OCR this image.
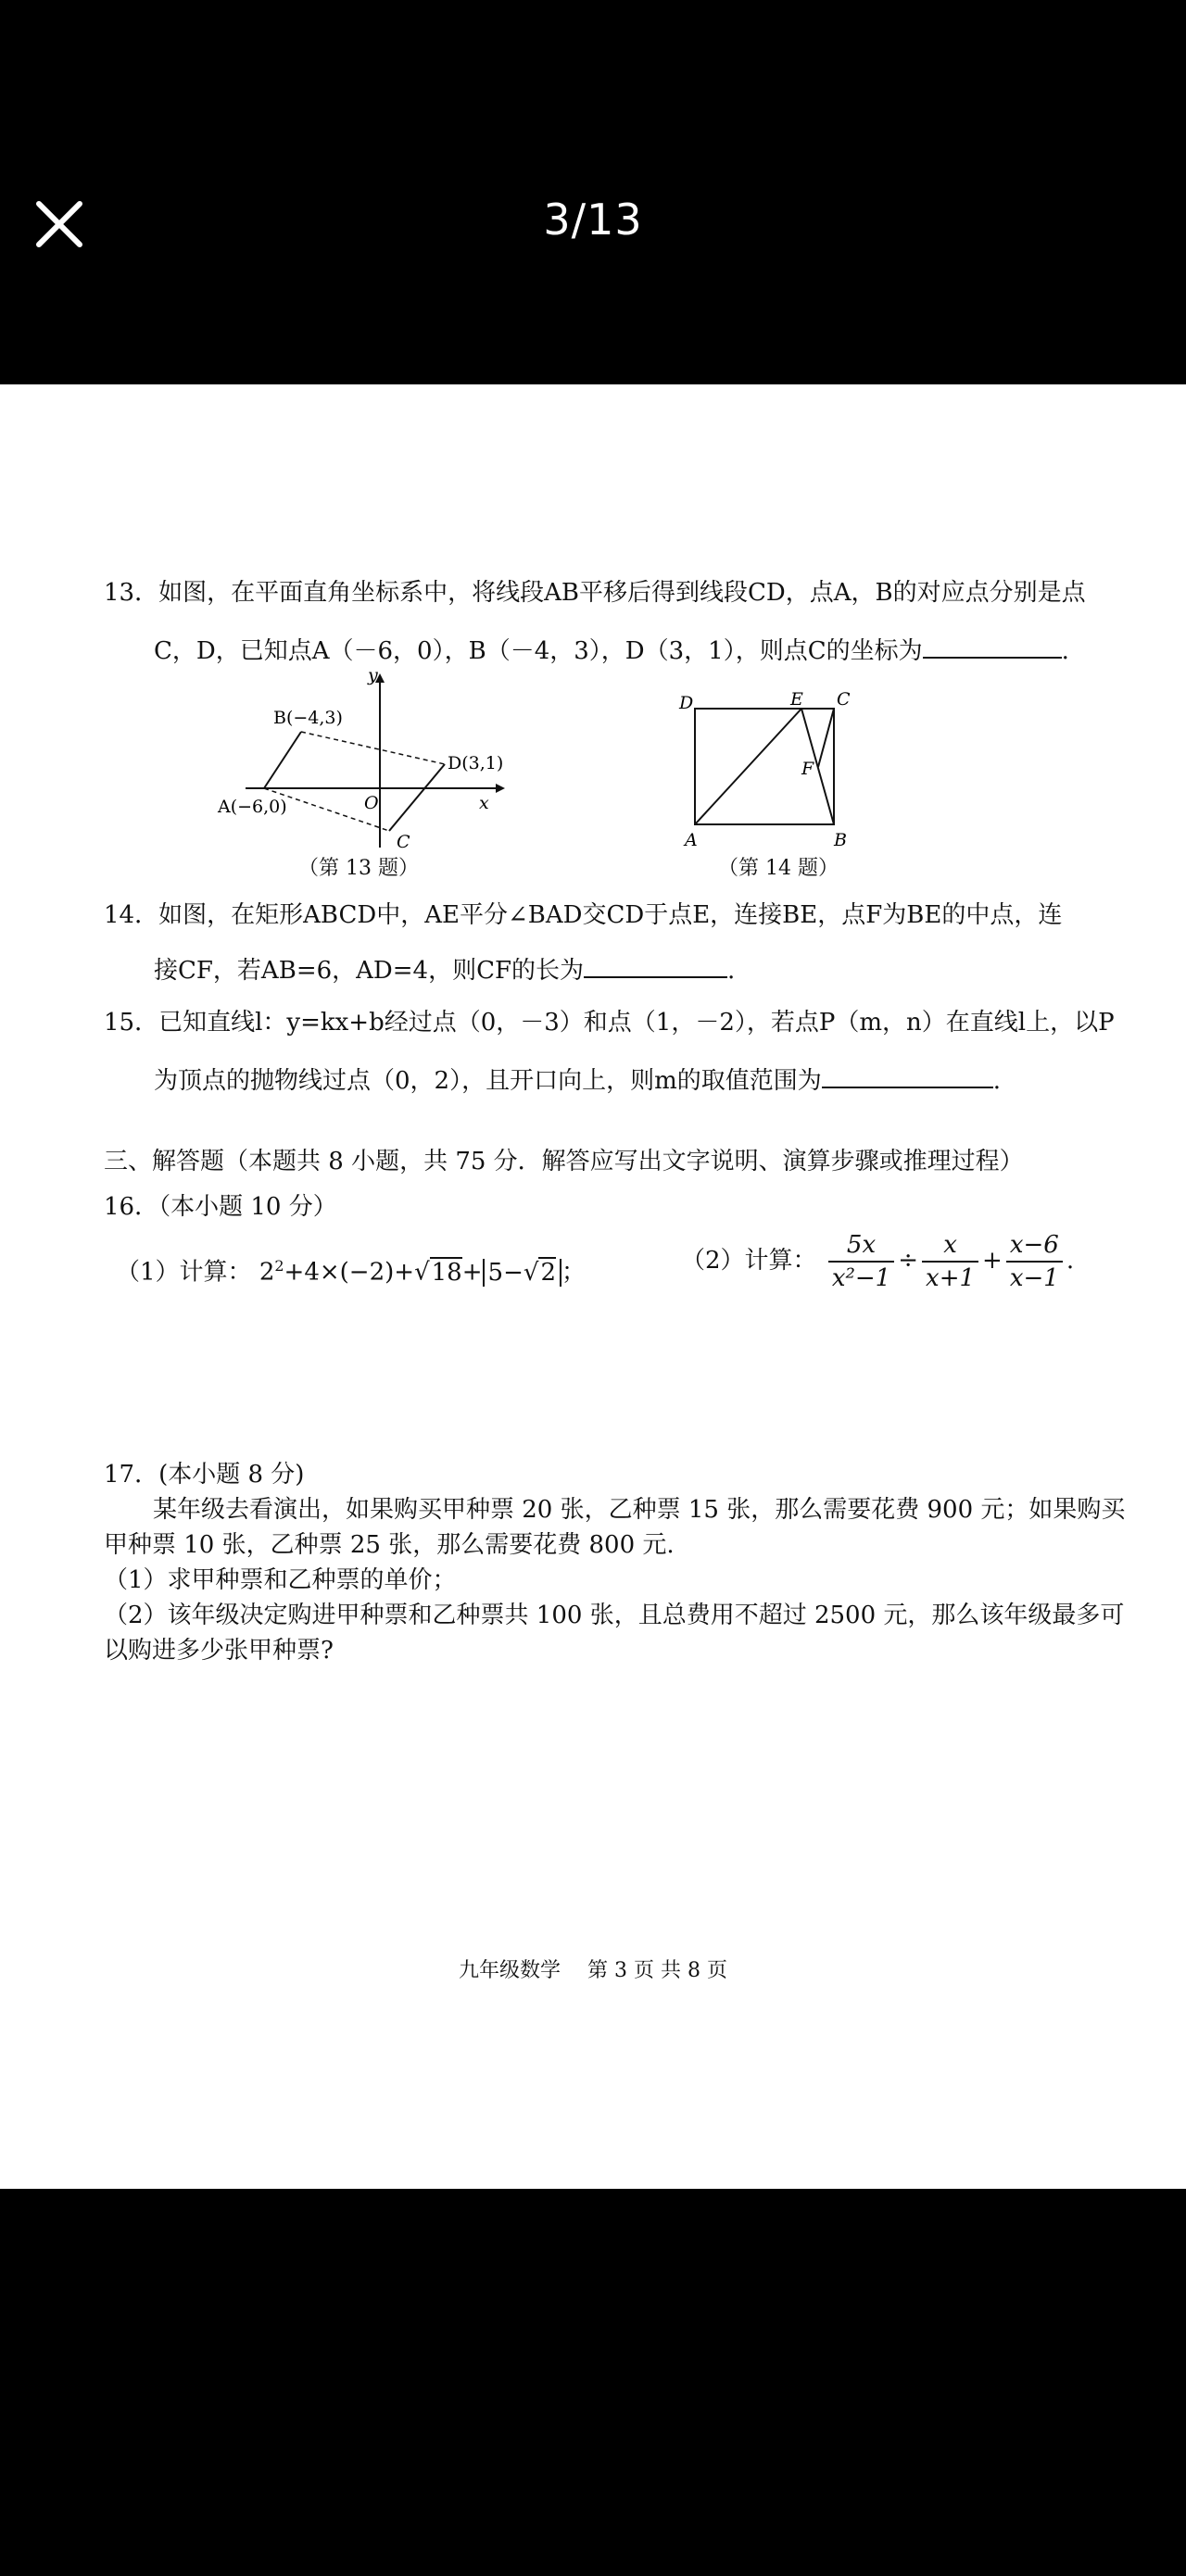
3/13
13．如图，在平面直角坐标系中，将线段AB平移后得到线段CD，点A，B的对应点分别是点
C，D，已知点A（－6，0），B（－4，3），D（3，1），则点C的坐标为	.
B(−4,3)
A(−6,0)
D(3,1)
O
C
x
y
（第 13 题）
D	E C
F
A	B
（第 14 题）
14．如图，在矩形ABCD中，AE平分∠BAD交CD于点E，连接BE，点F为BE的中点，连
接CF，若AB=6，AD=4，则CF的长为	.
15．已知直线l：y=kx+b经过点（0，－3）和点（1，－2），若点P（m，n）在直线l上，以P
为顶点的抛物线过点（0，2），且开口向上，则m的取值范围为	.
三、解答题（本题共 8 小题，共 75 分．解答应写出文字说明、演算步骤或推理过程）
16．（本小题 10 分）
（1）计算： $2^2+4\times(-2)+√18+ 5-√2$ ；	（2）计算： $\frac{5x}{\text{x²−1}} \div \frac{x}{x+1} + \frac{x-6}{x-1}$ .
17．(本小题 8 分)
某年级去看演出，如果购买甲种票 20 张，乙种票 15 张，那么需要花费 900 元；如果购买
甲种票 10 张，乙种票 25 张，那么需要花费 800 元.
（1）求甲种票和乙种票的单价；
（2）该年级决定购进甲种票和乙种票共 100 张，且总费用不超过 2500 元，那么该年级最多可
以购进多少张甲种票?
九年级数学　 第 3 页 共 8 页
